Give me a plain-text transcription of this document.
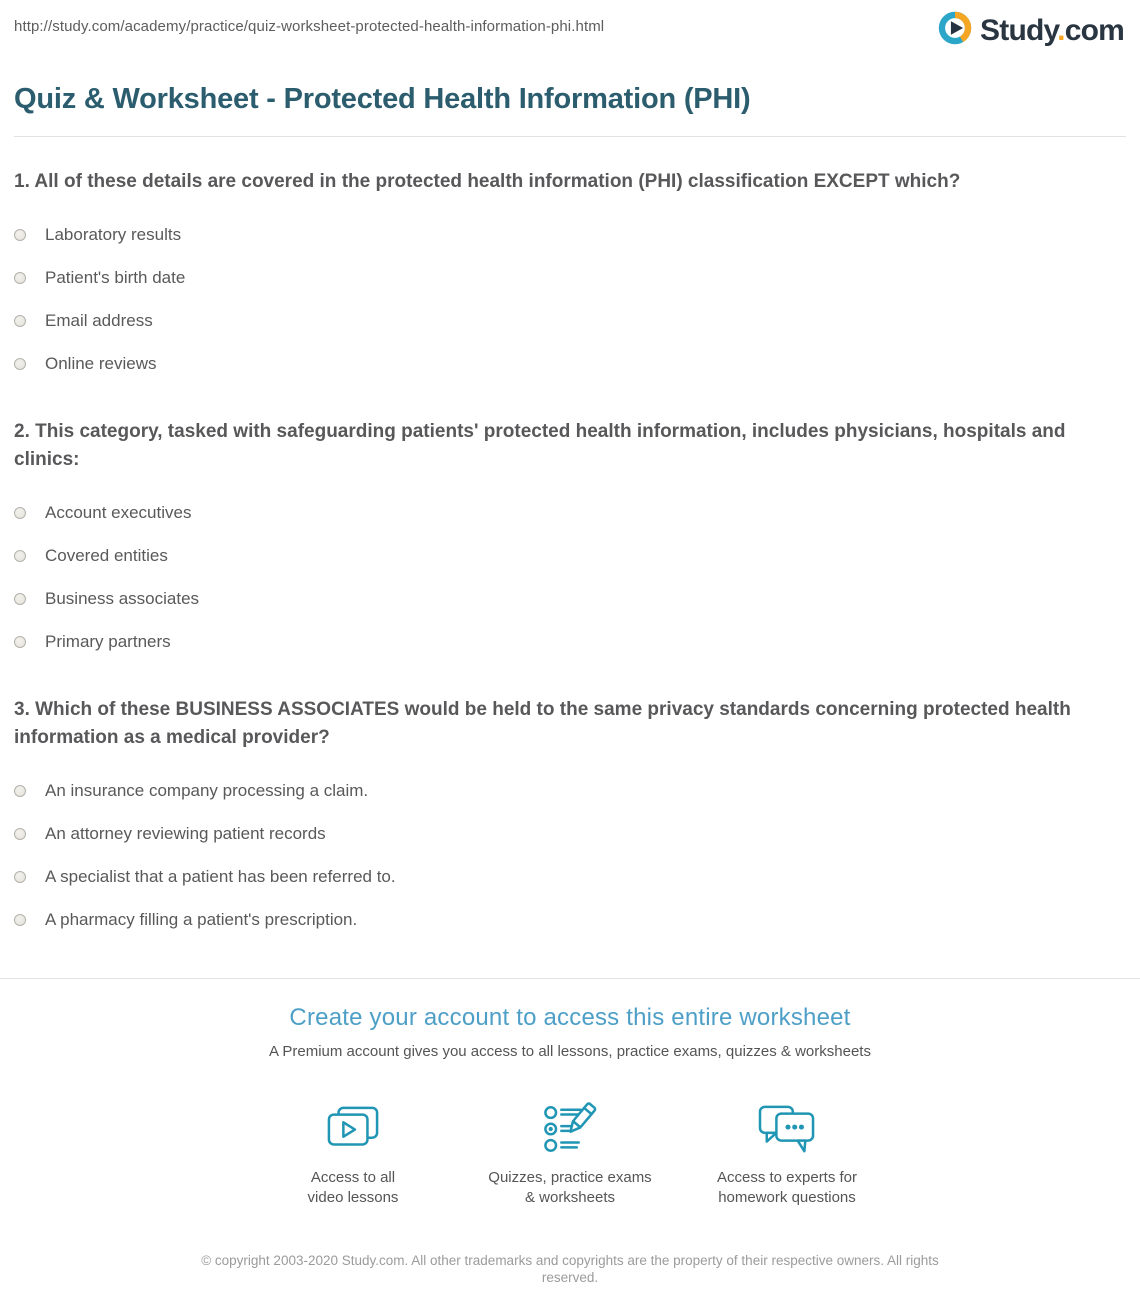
http://study.com/academy/practice/quiz-worksheet-protected-health-information-phi.html	Study.com
Quiz & Worksheet - Protected Health Information (PHI)
1. All of these details are covered in the protected health information (PHI) classification EXCEPT which?
Laboratory results
Patient's birth date
Email address
Online reviews
2. This category, tasked with safeguarding patients' protected health information, includes physicians, hospitals and clinics:
Account executives
Covered entities
Business associates
Primary partners
3. Which of these BUSINESS ASSOCIATES would be held to the same privacy standards concerning protected health information as a medical provider?
An insurance company processing a claim.
An attorney reviewing patient records
A specialist that a patient has been referred to.
A pharmacy filling a patient's prescription.
Create your account to access this entire worksheet

A Premium account gives you access to all lessons, practice exams, quizzes & worksheets

Access to all
video lessons
Quizzes, practice exams
& worksheets
Access to experts for
homework questions
© copyright 2003-2020 Study.com. All other trademarks and copyrights are the property of their respective owners. All rights reserved.
